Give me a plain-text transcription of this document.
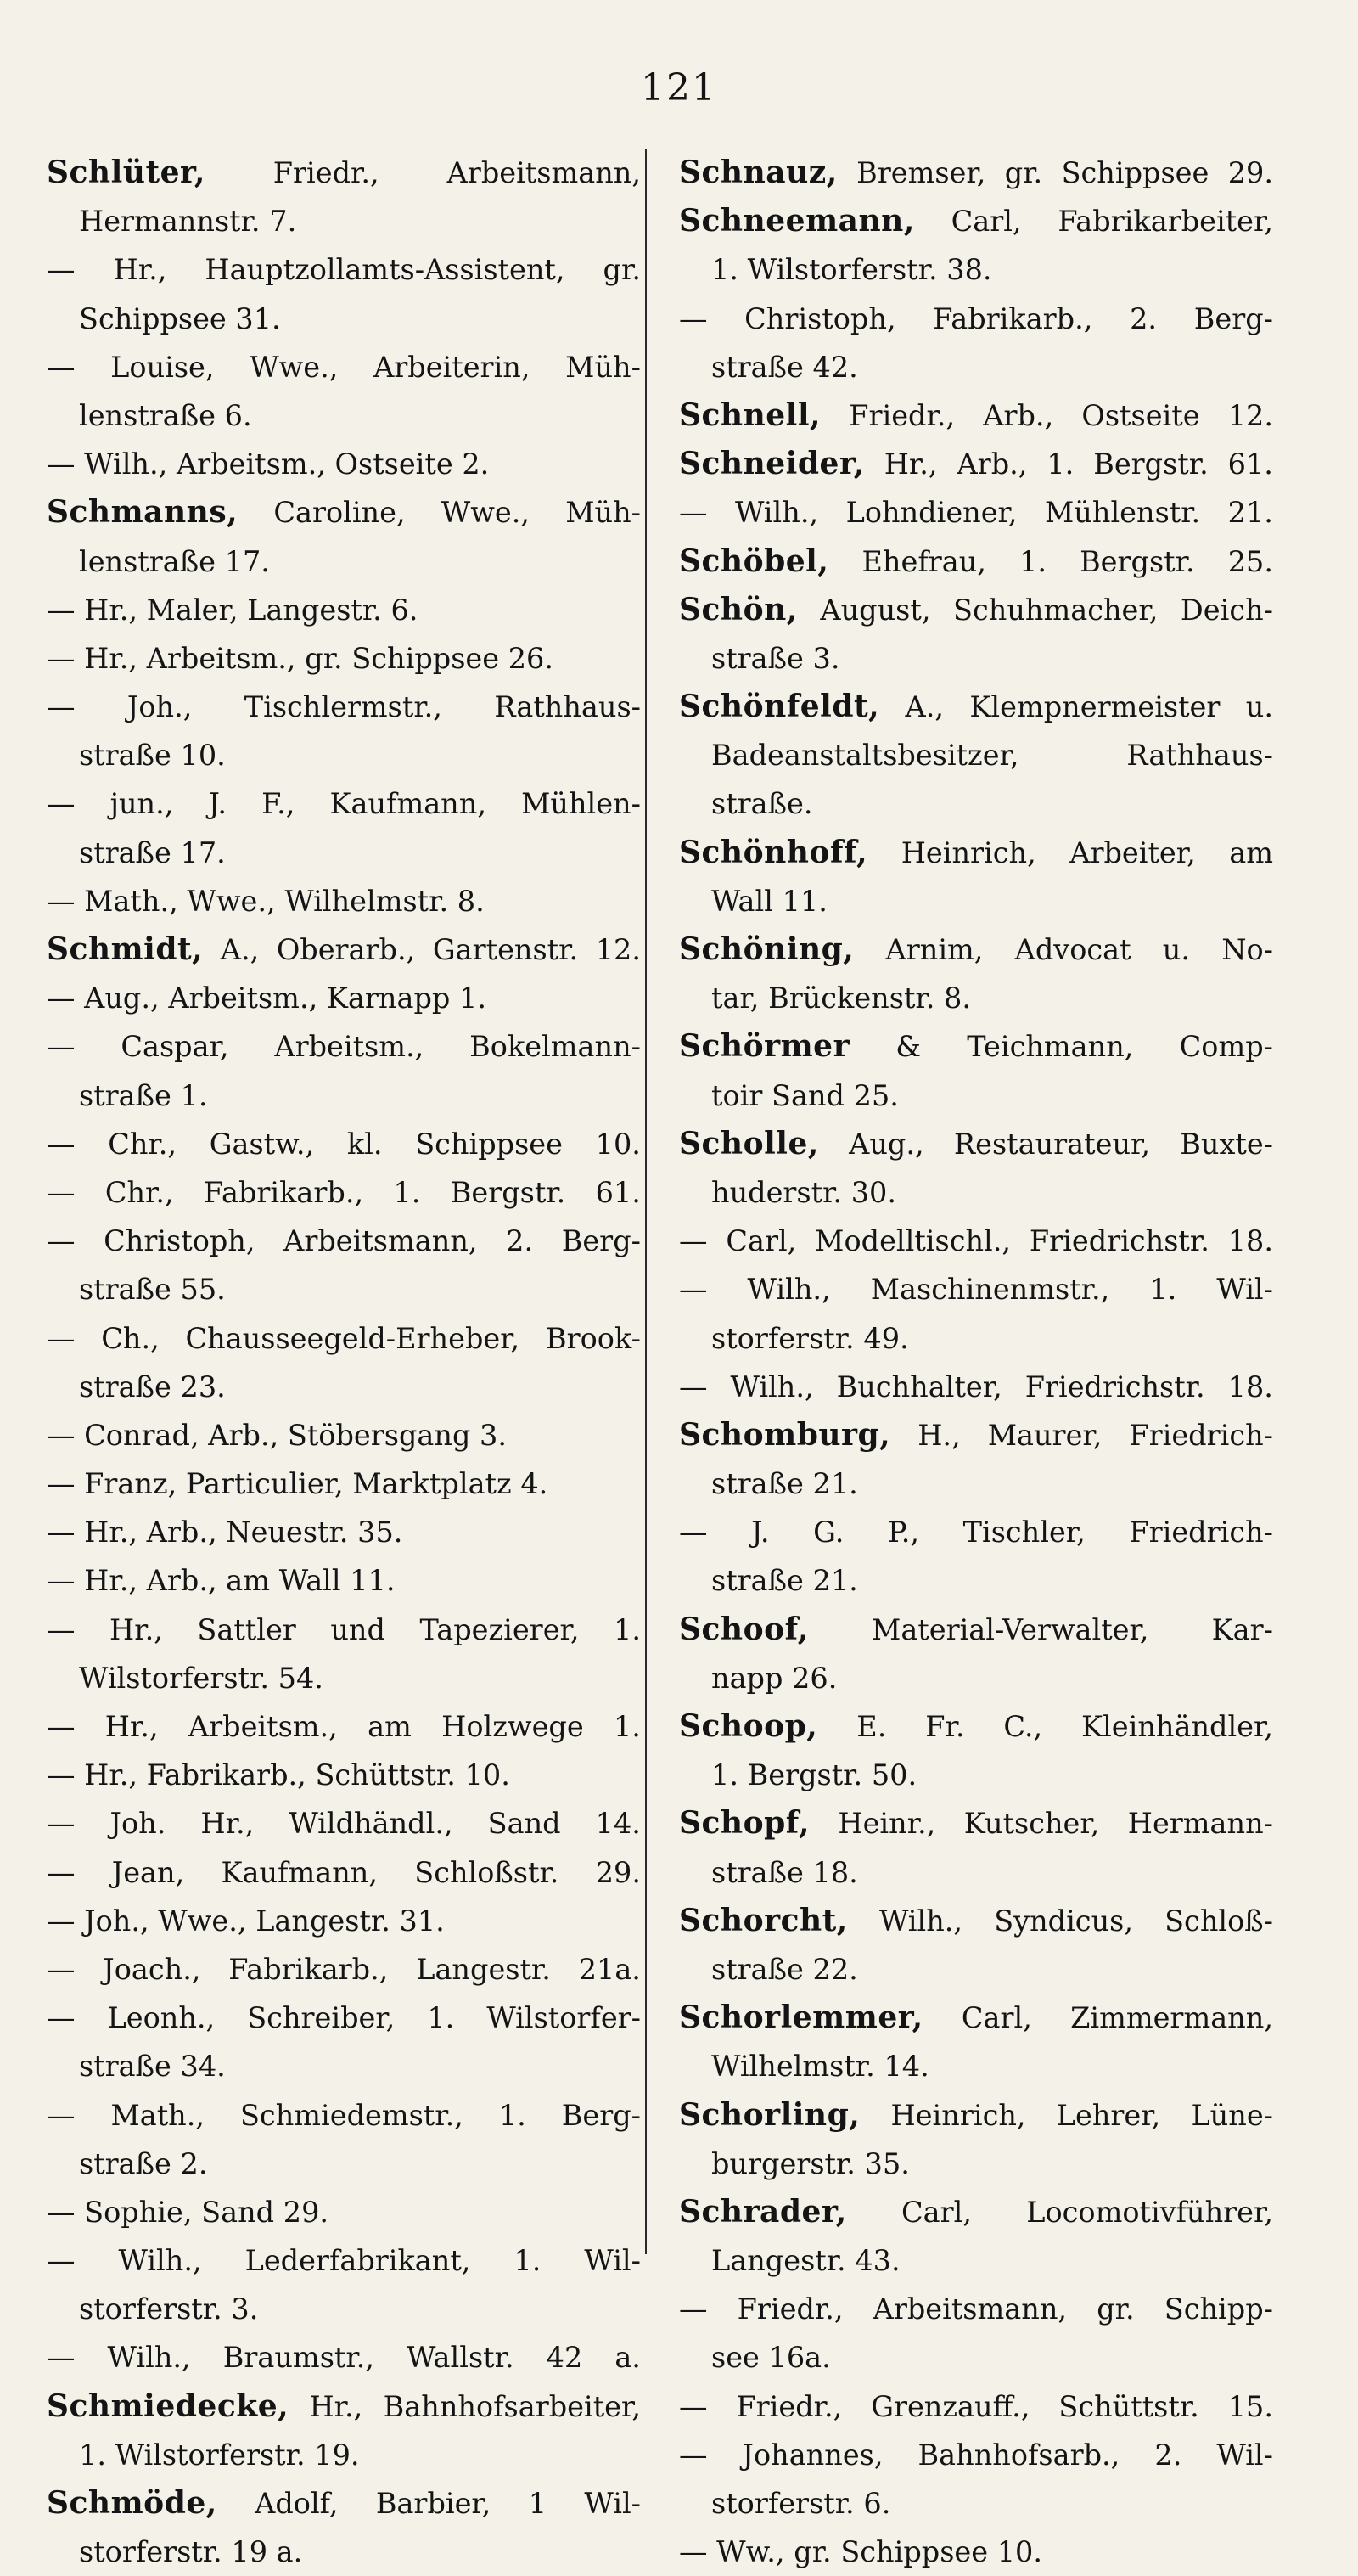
121
Schlüter, Friedr., Arbeitsmann,
Hermannstr.
7.
— Hr., Hauptzollamts-Assistent, gr.
Schippsee
31.
— Louise, Wwe., Arbeiterin, Müh-
lenstraße
6.
—
Wilh.,
Arbeitsm.,
Ostseite
2.
Schmanns, Caroline, Wwe., Müh-
lenstraße
17.
—
Hr.,
Maler,
Langestr.
6.
—
Hr.,
Arbeitsm.,
gr.
Schippsee
26.
— Joh., Tischlermstr., Rathhaus-
straße
10.
— jun., J. F., Kaufmann, Mühlen-
straße
17.
—
Math.,
Wwe.,
Wilhelmstr.
8.
Schmidt, A., Oberarb., Gartenstr. 12.
—
Aug.,
Arbeitsm.,
Karnapp
1.
— Caspar, Arbeitsm., Bokelmann-
straße
1.
— Chr., Gastw., kl. Schippsee 10.
— Chr., Fabrikarb., 1. Bergstr. 61.
— Christoph, Arbeitsmann, 2. Berg-
straße
55.
— Ch., Chausseegeld-Erheber, Brook-
straße
23.
—
Conrad,
Arb.,
Stöbersgang
3.
—
Franz,
Particulier,
Marktplatz
4.
—
Hr.,
Arb.,
Neuestr.
35.
—
Hr.,
Arb.,
am
Wall
11.
— Hr., Sattler und Tapezierer, 1.
Wilstorferstr.
54.
— Hr., Arbeitsm., am Holzwege 1.
—
Hr.,
Fabrikarb.,
Schüttstr.
10.
— Joh. Hr., Wildhändl., Sand 14.
— Jean, Kaufmann, Schloßstr. 29.
—
Joh.,
Wwe.,
Langestr.
31.
— Joach., Fabrikarb., Langestr. 21a.
— Leonh., Schreiber, 1. Wilstorfer-
straße
34.
— Math., Schmiedemstr., 1. Berg-
straße
2.
—
Sophie,
Sand
29.
— Wilh., Lederfabrikant, 1. Wil-
storferstr.
3.
— Wilh., Braumstr., Wallstr. 42 a.
Schmiedecke, Hr., Bahnhofsarbeiter,
1.
Wilstorferstr.
19.
Schmöde, Adolf, Barbier, 1 Wil-
storferstr.
19
a.
Schnauz, Bremser, gr. Schippsee 29.
Schneemann, Carl, Fabrikarbeiter,
1.
Wilstorferstr.
38.
— Christoph, Fabrikarb., 2. Berg-
straße
42.
Schnell, Friedr., Arb., Ostseite 12.
Schneider, Hr., Arb., 1. Bergstr. 61.
— Wilh., Lohndiener, Mühlenstr. 21.
Schöbel, Ehefrau, 1. Bergstr. 25.
Schön, August, Schuhmacher, Deich-
straße
3.
Schönfeldt, A., Klempnermeister u.
Badeanstaltsbesitzer,	Rathhaus-
straße.
Schönhoff, Heinrich, Arbeiter, am
Wall
11.
Schöning, Arnim, Advocat u. No-
tar,
Brückenstr.
8.
Schörmer & Teichmann, Comp-
toir
Sand
25.
Scholle, Aug., Restaurateur, Buxte-
huderstr.
30.
— Carl, Modelltischl., Friedrichstr. 18.
— Wilh., Maschinenmstr., 1. Wil-
storferstr.
49.
— Wilh., Buchhalter, Friedrichstr. 18.
Schomburg, H., Maurer, Friedrich-
straße
21.
— J. G. P., Tischler, Friedrich-
straße
21.
Schoof, Material-Verwalter, Kar-
napp
26.
Schoop, E. Fr. C., Kleinhändler,
1.
Bergstr.
50.
Schopf, Heinr., Kutscher, Hermann-
straße
18.
Schorcht, Wilh., Syndicus, Schloß-
straße
22.
Schorlemmer, Carl, Zimmermann,
Wilhelmstr.
14.
Schorling, Heinrich, Lehrer, Lüne-
burgerstr.
35.
Schrader, Carl, Locomotivführer,
Langestr.
43.
— Friedr., Arbeitsmann, gr. Schipp-
see
16a.
— Friedr., Grenzauff., Schüttstr. 15.
— Johannes, Bahnhofsarb., 2. Wil-
storferstr.
6.
—
Ww.,
gr.
Schippsee
10.
